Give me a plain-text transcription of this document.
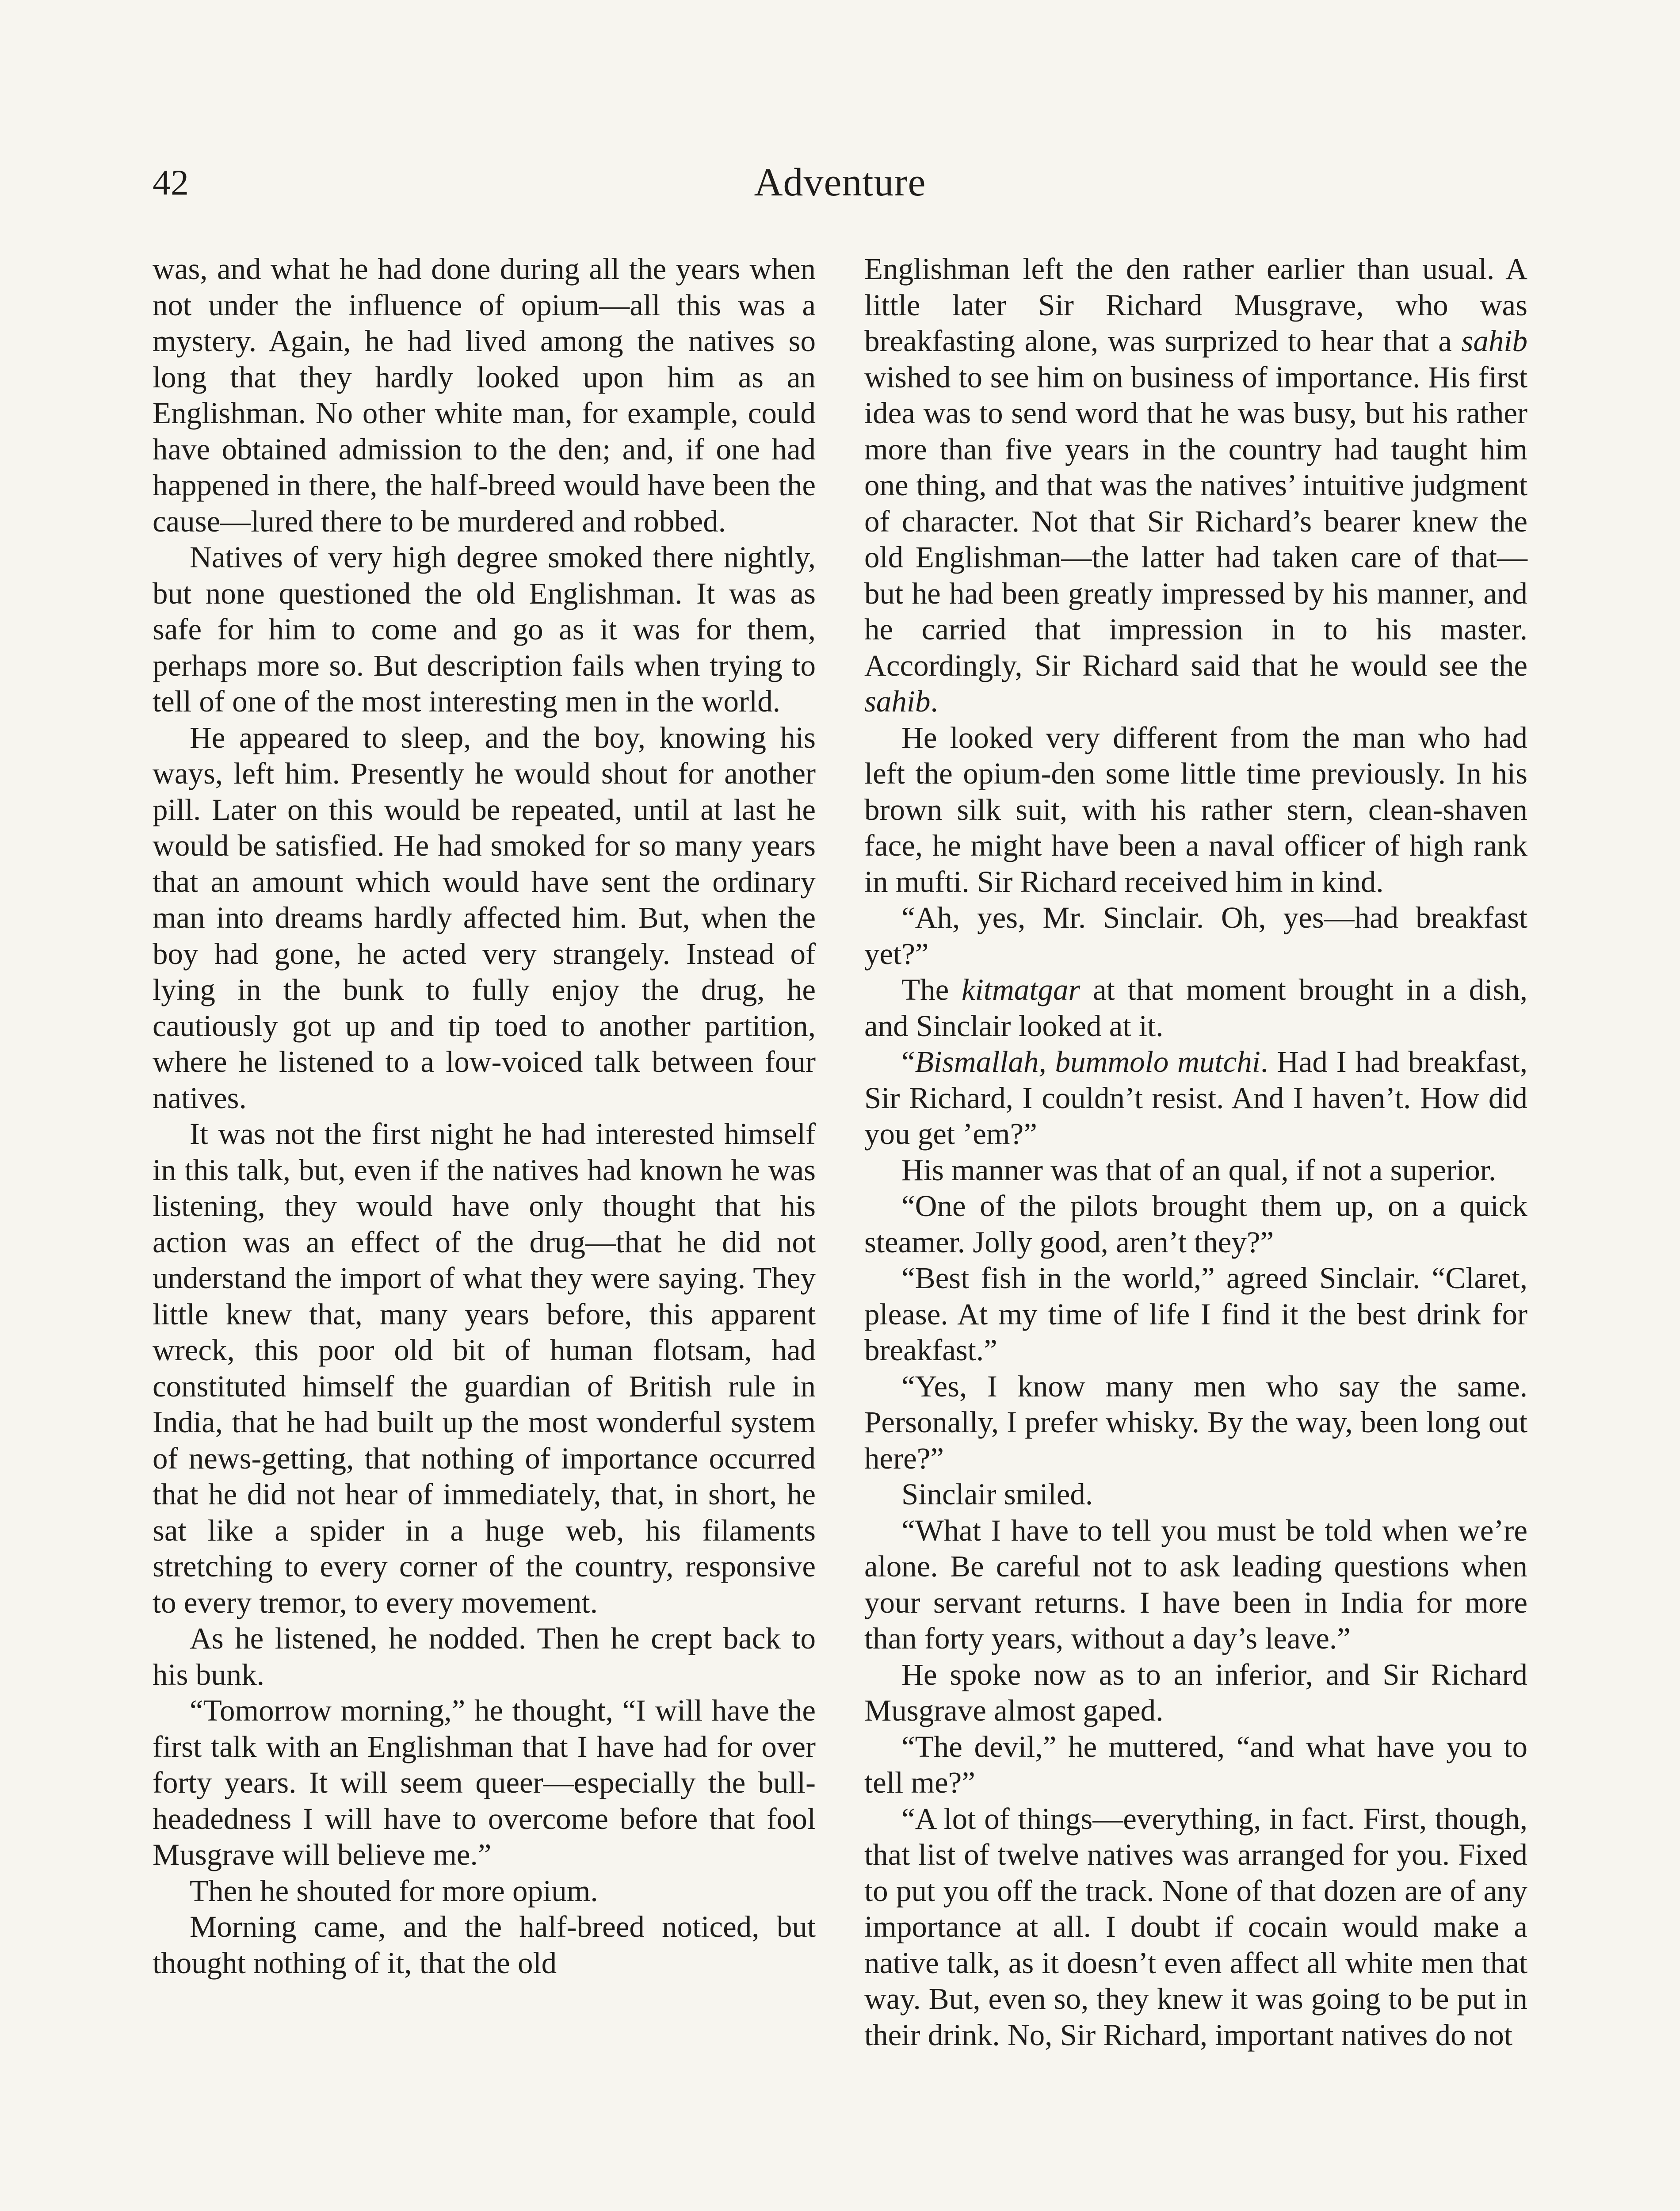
42	Adventure

was, and what he had done during all the years when not under the influence of opium—all this was a mystery. Again, he had lived among the natives so long that they hardly looked upon him as an Englishman. No other white man, for example, could have obtained admission to the den; and, if one had happened in there, the half-breed would have been the cause—lured there to be murdered and robbed.

Natives of very high degree smoked there nightly, but none questioned the old Englishman. It was as safe for him to come and go as it was for them, perhaps more so. But description fails when trying to tell of one of the most interesting men in the world.

He appeared to sleep, and the boy, knowing his ways, left him. Presently he would shout for another pill. Later on this would be repeated, until at last he would be satisfied. He had smoked for so many years that an amount which would have sent the ordinary man into dreams hardly affected him. But, when the boy had gone, he acted very strangely. Instead of lying in the bunk to fully enjoy the drug, he cautiously got up and tip toed to another partition, where he listened to a low-voiced talk between four natives.

It was not the first night he had interested himself in this talk, but, even if the natives had known he was listening, they would have only thought that his action was an effect of the drug—that he did not understand the import of what they were saying. They little knew that, many years before, this apparent wreck, this poor old bit of human flotsam, had constituted himself the guardian of British rule in India, that he had built up the most wonderful system of news-getting, that nothing of importance occurred that he did not hear of immediately, that, in short, he sat like a spider in a huge web, his filaments stretching to every corner of the country, responsive to every tremor, to every movement.

As he listened, he nodded. Then he crept back to his bunk.

“Tomorrow morning,” he thought, “I will have the first talk with an Englishman that I have had for over forty years. It will seem queer—especially the bull-headedness I will have to overcome before that fool Musgrave will believe me.”

Then he shouted for more opium.

Morning came, and the half-breed noticed, but thought nothing of it, that the old

Englishman left the den rather earlier than usual. A little later Sir Richard Musgrave, who was breakfasting alone, was surprized to hear that a sahib wished to see him on business of importance. His first idea was to send word that he was busy, but his rather more than five years in the country had taught him one thing, and that was the natives’ intuitive judgment of character. Not that Sir Richard’s bearer knew the old Englishman—the latter had taken care of that—but he had been greatly impressed by his manner, and he carried that impression in to his master. Accordingly, Sir Richard said that he would see the sahib.

He looked very different from the man who had left the opium-den some little time previously. In his brown silk suit, with his rather stern, clean-shaven face, he might have been a naval officer of high rank in mufti. Sir Richard received him in kind.

“Ah, yes, Mr. Sinclair. Oh, yes—had breakfast yet?”

The kitmatgar at that moment brought in a dish, and Sinclair looked at it.

“Bismallah, bummolo mutchi. Had I had breakfast, Sir Richard, I couldn’t resist. And I haven’t. How did you get ’em?”

His manner was that of an qual, if not a superior.

“One of the pilots brought them up, on a quick steamer. Jolly good, aren’t they?”

“Best fish in the world,” agreed Sinclair. “Claret, please. At my time of life I find it the best drink for breakfast.”

“Yes, I know many men who say the same. Personally, I prefer whisky. By the way, been long out here?”

Sinclair smiled.

“What I have to tell you must be told when we’re alone. Be careful not to ask leading questions when your servant returns. I have been in India for more than forty years, without a day’s leave.”

He spoke now as to an inferior, and Sir Richard Musgrave almost gaped.

“The devil,” he muttered, “and what have you to tell me?”

“A lot of things—everything, in fact. First, though, that list of twelve natives was arranged for you. Fixed to put you off the track. None of that dozen are of any importance at all. I doubt if cocain would make a native talk, as it doesn’t even affect all white men that way. But, even so, they knew it was going to be put in their drink. No, Sir Richard, important natives do not
